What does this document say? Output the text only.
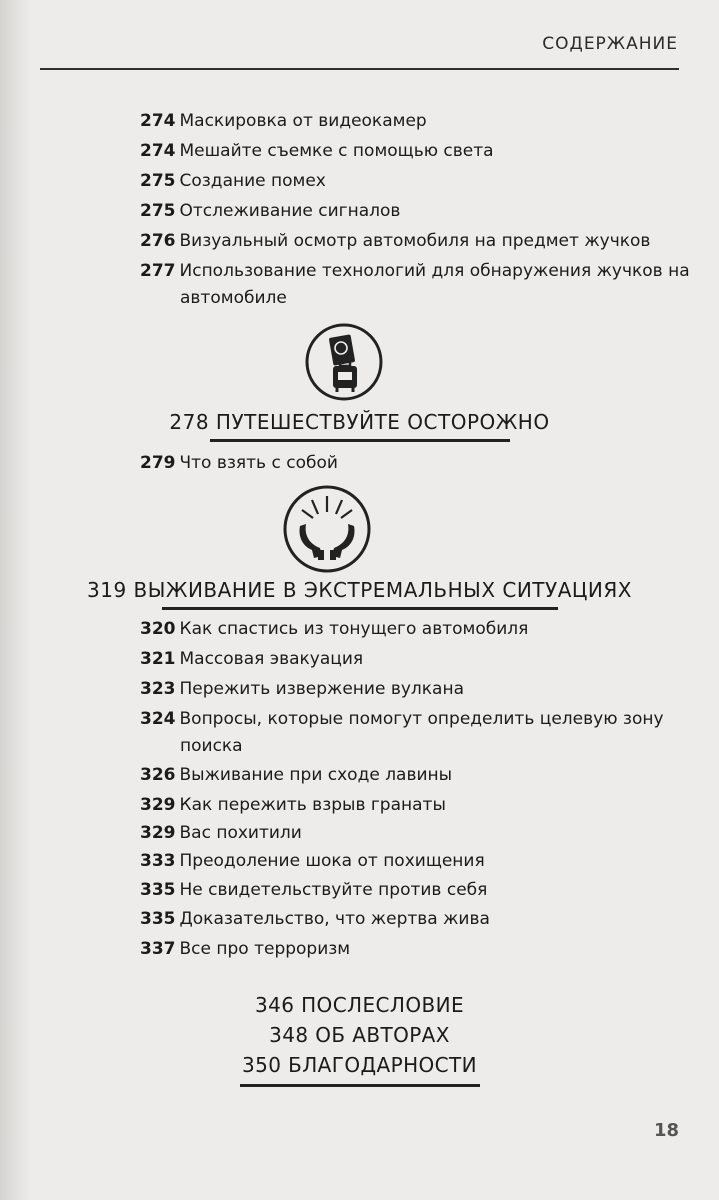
СОДЕРЖАНИЕ
274 Маскировка от видеокамер
274 Мешайте съемке с помощью света
275 Создание помех
275 Отслеживание сигналов
276 Визуальный осмотр автомобиля на предмет жучков
277 Использование технологий для обнаружения жучков на
автомобиле
278 ПУТЕШЕСТВУЙТЕ ОСТОРОЖНО
279 Что взять с собой
319 ВЫЖИВАНИЕ В ЭКСТРЕМАЛЬНЫХ СИТУАЦИЯХ
320 Как спастись из тонущего автомобиля
321 Массовая эвакуация
323 Пережить извержение вулкана
324 Вопросы, которые помогут определить целевую зону
поиска
326 Выживание при сходе лавины
329 Как пережить взрыв гранаты
329 Вас похитили
333 Преодоление шока от похищения
335 Не свидетельствуйте против себя
335 Доказательство, что жертва жива
337 Все про терроризм
346 ПОСЛЕСЛОВИЕ
348 ОБ АВТОРАХ
350 БЛАГОДАРНОСТИ
18
